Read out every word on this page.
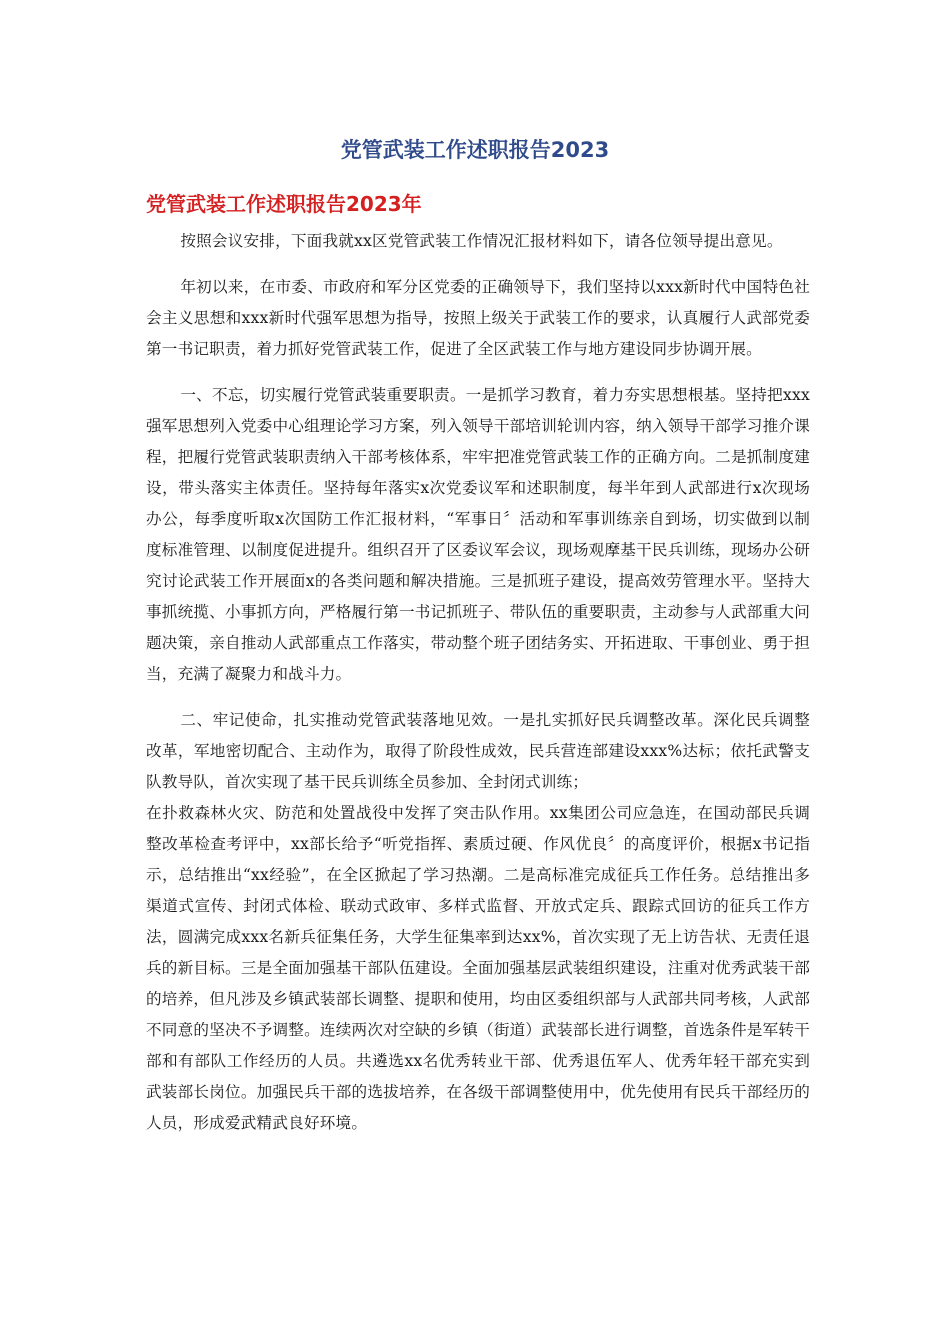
党管武装工作述职报告2023
党管武装工作述职报告2023年

按照会议安排，下面我就xx区党管武装工作情况汇报材料如下，请各位领导提出意见。

年初以来，在市委、市政府和军分区党委的正确领导下，我们坚持以xxx新时代中国特色社会主义思想和xxx新时代强军思想为指导，按照上级关于武装工作的要求，认真履行人武部党委第一书记职责，着力抓好党管武装工作，促进了全区武装工作与地方建设同步协调开展。

一、不忘，切实履行党管武装重要职责。一是抓学习教育，着力夯实思想根基。坚持把xxx强军思想列入党委中心组理论学习方案，列入领导干部培训轮训内容，纳入领导干部学习推介课程，把履行党管武装职责纳入干部考核体系，牢牢把准党管武装工作的正确方向。二是抓制度建设，带头落实主体责任。坚持每年落实x次党委议军和述职制度，每半年到人武部进行x次现场办公，每季度听取x次国防工作汇报材料，“军事日〞活动和军事训练亲自到场，切实做到以制度标准管理、以制度促进提升。组织召开了区委议军会议，现场观摩基干民兵训练，现场办公研究讨论武装工作开展面x的各类问题和解决措施。三是抓班子建设，提高效劳管理水平。坚持大事抓统揽、小事抓方向，严格履行第一书记抓班子、带队伍的重要职责，主动参与人武部重大问题决策，亲自推动人武部重点工作落实，带动整个班子团结务实、开拓进取、干事创业、勇于担当，充满了凝聚力和战斗力。

二、牢记使命，扎实推动党管武装落地见效。一是扎实抓好民兵调整改革。深化民兵调整改革，军地密切配合、主动作为，取得了阶段性成效，民兵营连部建设xxx%达标；依托武警支队教导队，首次实现了基干民兵训练全员参加、全封闭式训练；

在扑救森林火灾、防范和处置战役中发挥了突击队作用。xx集团公司应急连，在国动部民兵调整改革检查考评中，xx部长给予“听党指挥、素质过硬、作风优良〞的高度评价，根据x书记指示，总结推出“xx经验”，在全区掀起了学习热潮。二是高标准完成征兵工作任务。总结推出多渠道式宣传、封闭式体检、联动式政审、多样式监督、开放式定兵、跟踪式回访的征兵工作方法，圆满完成xxx名新兵征集任务，大学生征集率到达xx%，首次实现了无上访告状、无责任退兵的新目标。三是全面加强基干部队伍建设。全面加强基层武装组织建设，注重对优秀武装干部的培养，但凡涉及乡镇武装部长调整、提职和使用，均由区委组织部与人武部共同考核，人武部不同意的坚决不予调整。连续两次对空缺的乡镇（街道）武装部长进行调整，首选条件是军转干部和有部队工作经历的人员。共遴选xx名优秀转业干部、优秀退伍军人、优秀年轻干部充实到武装部长岗位。加强民兵干部的选拔培养，在各级干部调整使用中，优先使用有民兵干部经历的人员，形成爱武精武良好环境。
